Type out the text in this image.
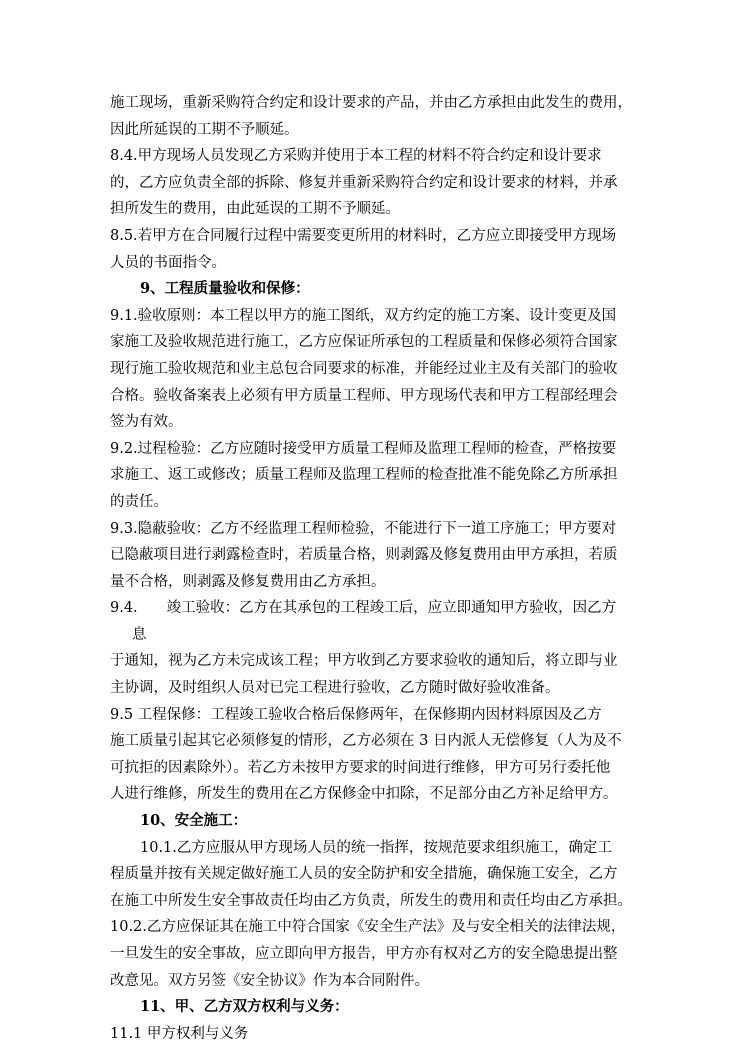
施工现场，重新采购符合约定和设计要求的产品，并由乙方承担由此发生的费用，
因此所延误的工期不予顺延。
8.4.甲方现场人员发现乙方采购并使用于本工程的材料不符合约定和设计要求
的，乙方应负责全部的拆除、修复并重新采购符合约定和设计要求的材料，并承
担所发生的费用，由此延误的工期不予顺延。
8.5.若甲方在合同履行过程中需要变更所用的材料时，乙方应立即接受甲方现场
人员的书面指令。
9、工程质量验收和保修：
9.1.验收原则：本工程以甲方的施工图纸，双方约定的施工方案、设计变更及国
家施工及验收规范进行施工，乙方应保证所承包的工程质量和保修必须符合国家
现行施工验收规范和业主总包合同要求的标准，并能经过业主及有关部门的验收
合格。验收备案表上必须有甲方质量工程师、甲方现场代表和甲方工程部经理会
签为有效。
9.2.过程检验：乙方应随时接受甲方质量工程师及监理工程师的检查，严格按要
求施工、返工或修改；质量工程师及监理工程师的检查批准不能免除乙方所承担
的责任。
9.3.隐蔽验收：乙方不经监理工程师检验，不能进行下一道工序施工；甲方要对
已隐蔽项目进行剥露检查时，若质量合格，则剥露及修复费用由甲方承担，若质
量不合格，则剥露及修复费用由乙方承担。
9.4.　　竣工验收：乙方在其承包的工程竣工后，应立即通知甲方验收，因乙方
息
于通知，视为乙方未完成该工程；甲方收到乙方要求验收的通知后，将立即与业
主协调，及时组织人员对已完工程进行验收，乙方随时做好验收准备。
9.5 工程保修：工程竣工验收合格后保修两年，在保修期内因材料原因及乙方
施工质量引起其它必须修复的情形，乙方必须在 3 日内派人无偿修复（人为及不
可抗拒的因素除外）。若乙方未按甲方要求的时间进行维修，甲方可另行委托他
人进行维修，所发生的费用在乙方保修金中扣除，不足部分由乙方补足给甲方。
10、安全施工：
10.1.乙方应服从甲方现场人员的统一指挥，按规范要求组织施工，确定工
程质量并按有关规定做好施工人员的安全防护和安全措施，确保施工安全，乙方
在施工中所发生安全事故责任均由乙方负责，所发生的费用和责任均由乙方承担。
10.2.乙方应保证其在施工中符合国家《安全生产法》及与安全相关的法律法规，
一旦发生的安全事故，应立即向甲方报告，甲方亦有权对乙方的安全隐患提出整
改意见。双方另签《安全协议》作为本合同附件。
11、甲、乙方双方权利与义务：
11.1 甲方权利与义务
